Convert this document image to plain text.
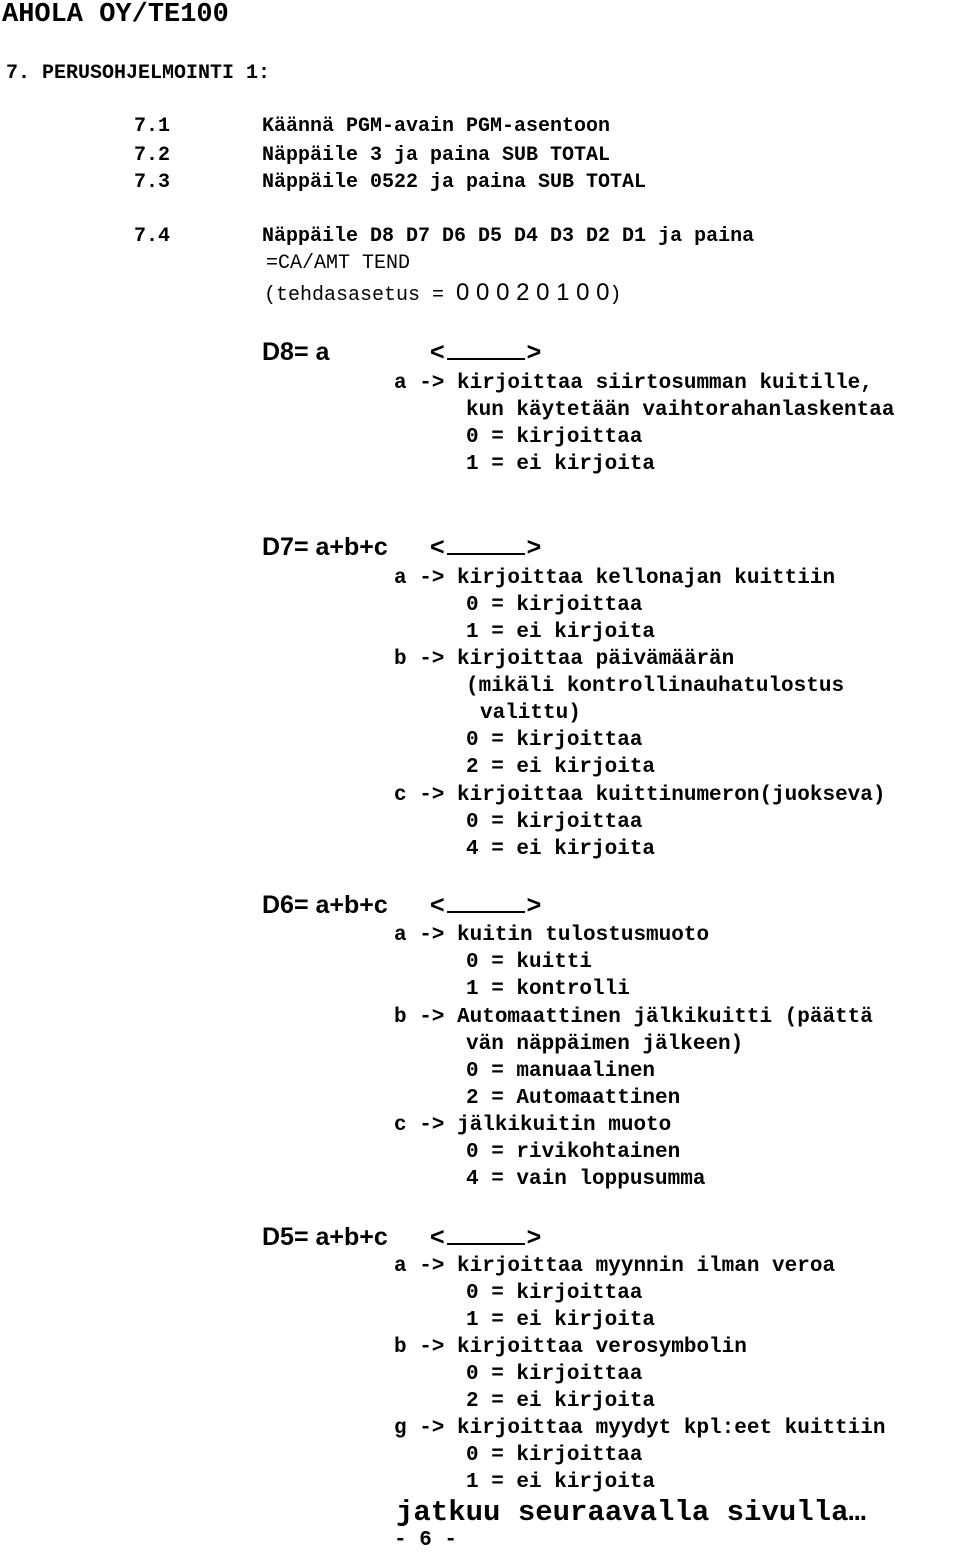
AHOLA OY/TE100
7. PERUSOHJELMOINTI 1:
7.1	Käännä PGM-avain PGM-asentoon
7.2	Näppäile 3 ja paina SUB TOTAL
7.3	Näppäile 0522 ja paina SUB TOTAL
7.4	Näppäile D8 D7 D6 D5 D4 D3 D2 D1 ja paina
=CA/AMT TEND
(tehdasasetus = 0 0 0 2 0 1 0 0)
D8= a	<	>
a -> kirjoittaa siirtosumman kuitille,
kun käytetään vaihtorahanlaskentaa
0 = kirjoittaa
1 = ei kirjoita
D7= a+b+c <	>
a -> kirjoittaa kellonajan kuittiin
0 = kirjoittaa
1 = ei kirjoita
b -> kirjoittaa päivämäärän
(mikäli kontrollinauhatulostus
valittu)
0 = kirjoittaa
2 = ei kirjoita
c -> kirjoittaa kuittinumeron(juokseva)
0 = kirjoittaa
4 = ei kirjoita
D6= a+b+c <	>
a -> kuitin tulostusmuoto
0 = kuitti
1 = kontrolli
b -> Automaattinen jälkikuitti (päättä
vän näppäimen jälkeen)
0 = manuaalinen
2 = Automaattinen
c -> jälkikuitin muoto
0 = rivikohtainen
4 = vain loppusumma
D5= a+b+c <	>
a -> kirjoittaa myynnin ilman veroa
0 = kirjoittaa
1 = ei kirjoita
b -> kirjoittaa verosymbolin
0 = kirjoittaa
2 = ei kirjoita
g -> kirjoittaa myydyt kpl:eet kuittiin
0 = kirjoittaa
1 = ei kirjoita
jatkuu seuraavalla sivulla…
- 6 -
